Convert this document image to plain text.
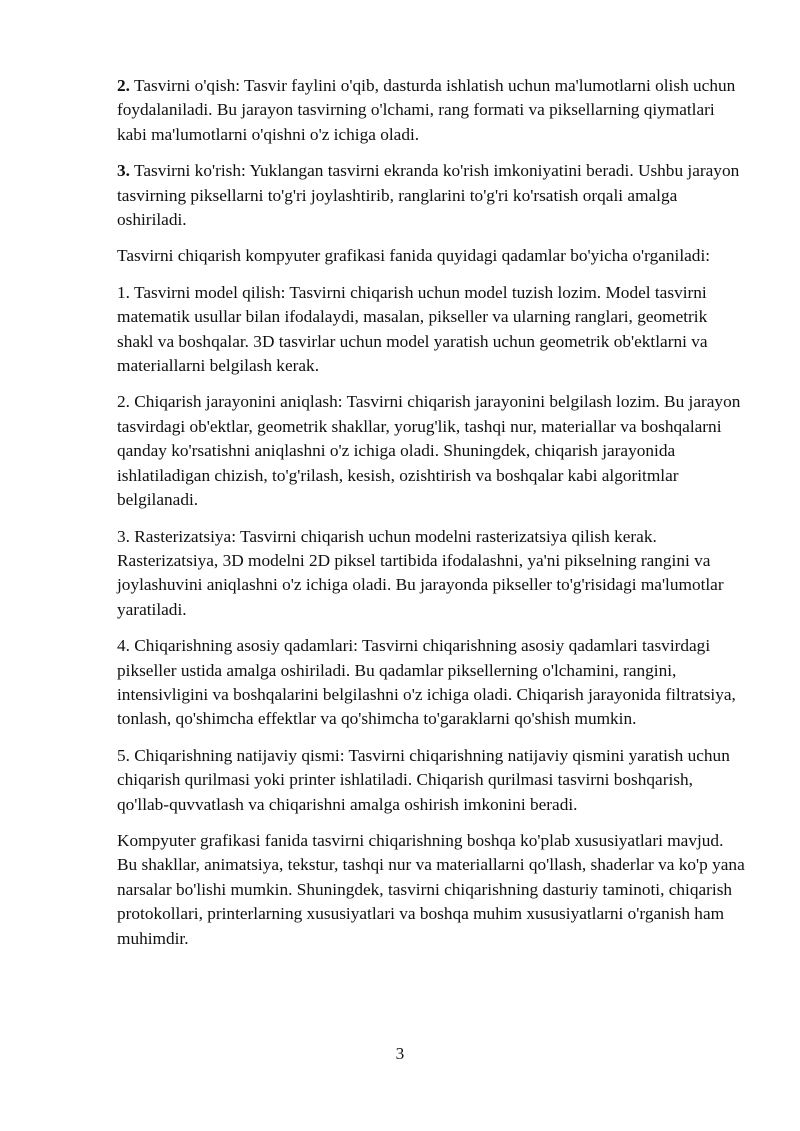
2. Tasvirni o'qish: Tasvir faylini o'qib, dasturda ishlatish uchun ma'lumotlarni olish uchun foydalaniladi. Bu jarayon tasvirning o'lchami, rang formati va piksellarning qiymatlari kabi ma'lumotlarni o'qishni o'z ichiga oladi.

3. Tasvirni ko'rish: Yuklangan tasvirni ekranda ko'rish imkoniyatini beradi. Ushbu jarayon tasvirning piksellarni to'g'ri joylashtirib, ranglarini to'g'ri ko'rsatish orqali amalga oshiriladi.

Tasvirni chiqarish kompyuter grafikasi fanida quyidagi qadamlar bo'yicha o'rganiladi:

1. Tasvirni model qilish: Tasvirni chiqarish uchun model tuzish lozim. Model tasvirni matematik usullar bilan ifodalaydi, masalan, pikseller va ularning ranglari, geometrik shakl va boshqalar. 3D tasvirlar uchun model yaratish uchun geometrik ob'ektlarni va materiallarni belgilash kerak.

2. Chiqarish jarayonini aniqlash: Tasvirni chiqarish jarayonini belgilash lozim. Bu jarayon tasvirdagi ob'ektlar, geometrik shakllar, yorug'lik, tashqi nur, materiallar va boshqalarni qanday ko'rsatishni aniqlashni o'z ichiga oladi. Shuningdek, chiqarish jarayonida ishlatiladigan chizish, to'g'rilash, kesish, ozishtirish va boshqalar kabi algoritmlar belgilanadi.

3. Rasterizatsiya: Tasvirni chiqarish uchun modelni rasterizatsiya qilish kerak. Rasterizatsiya, 3D modelni 2D piksel tartibida ifodalashni, ya'ni pikselning rangini va joylashuvini aniqlashni o'z ichiga oladi. Bu jarayonda pikseller to'g'risidagi ma'lumotlar yaratiladi.

4. Chiqarishning asosiy qadamlari: Tasvirni chiqarishning asosiy qadamlari tasvirdagi pikseller ustida amalga oshiriladi. Bu qadamlar piksellerning o'lchamini, rangini, intensivligini va boshqalarini belgilashni o'z ichiga oladi. Chiqarish jarayonida filtratsiya, tonlash, qo'shimcha effektlar va qo'shimcha to'garaklarni qo'shish mumkin.

5. Chiqarishning natijaviy qismi: Tasvirni chiqarishning natijaviy qismini yaratish uchun chiqarish qurilmasi yoki printer ishlatiladi. Chiqarish qurilmasi tasvirni boshqarish, qo'llab-quvvatlash va chiqarishni amalga oshirish imkonini beradi.

Kompyuter grafikasi fanida tasvirni chiqarishning boshqa ko'plab xususiyatlari mavjud. Bu shakllar, animatsiya, tekstur, tashqi nur va materiallarni qo'llash, shaderlar va ko'p yana narsalar bo'lishi mumkin. Shuningdek, tasvirni chiqarishning dasturiy taminoti, chiqarish protokollari, printerlarning xususiyatlari va boshqa muhim xususiyatlarni o'rganish ham muhimdir.

3
